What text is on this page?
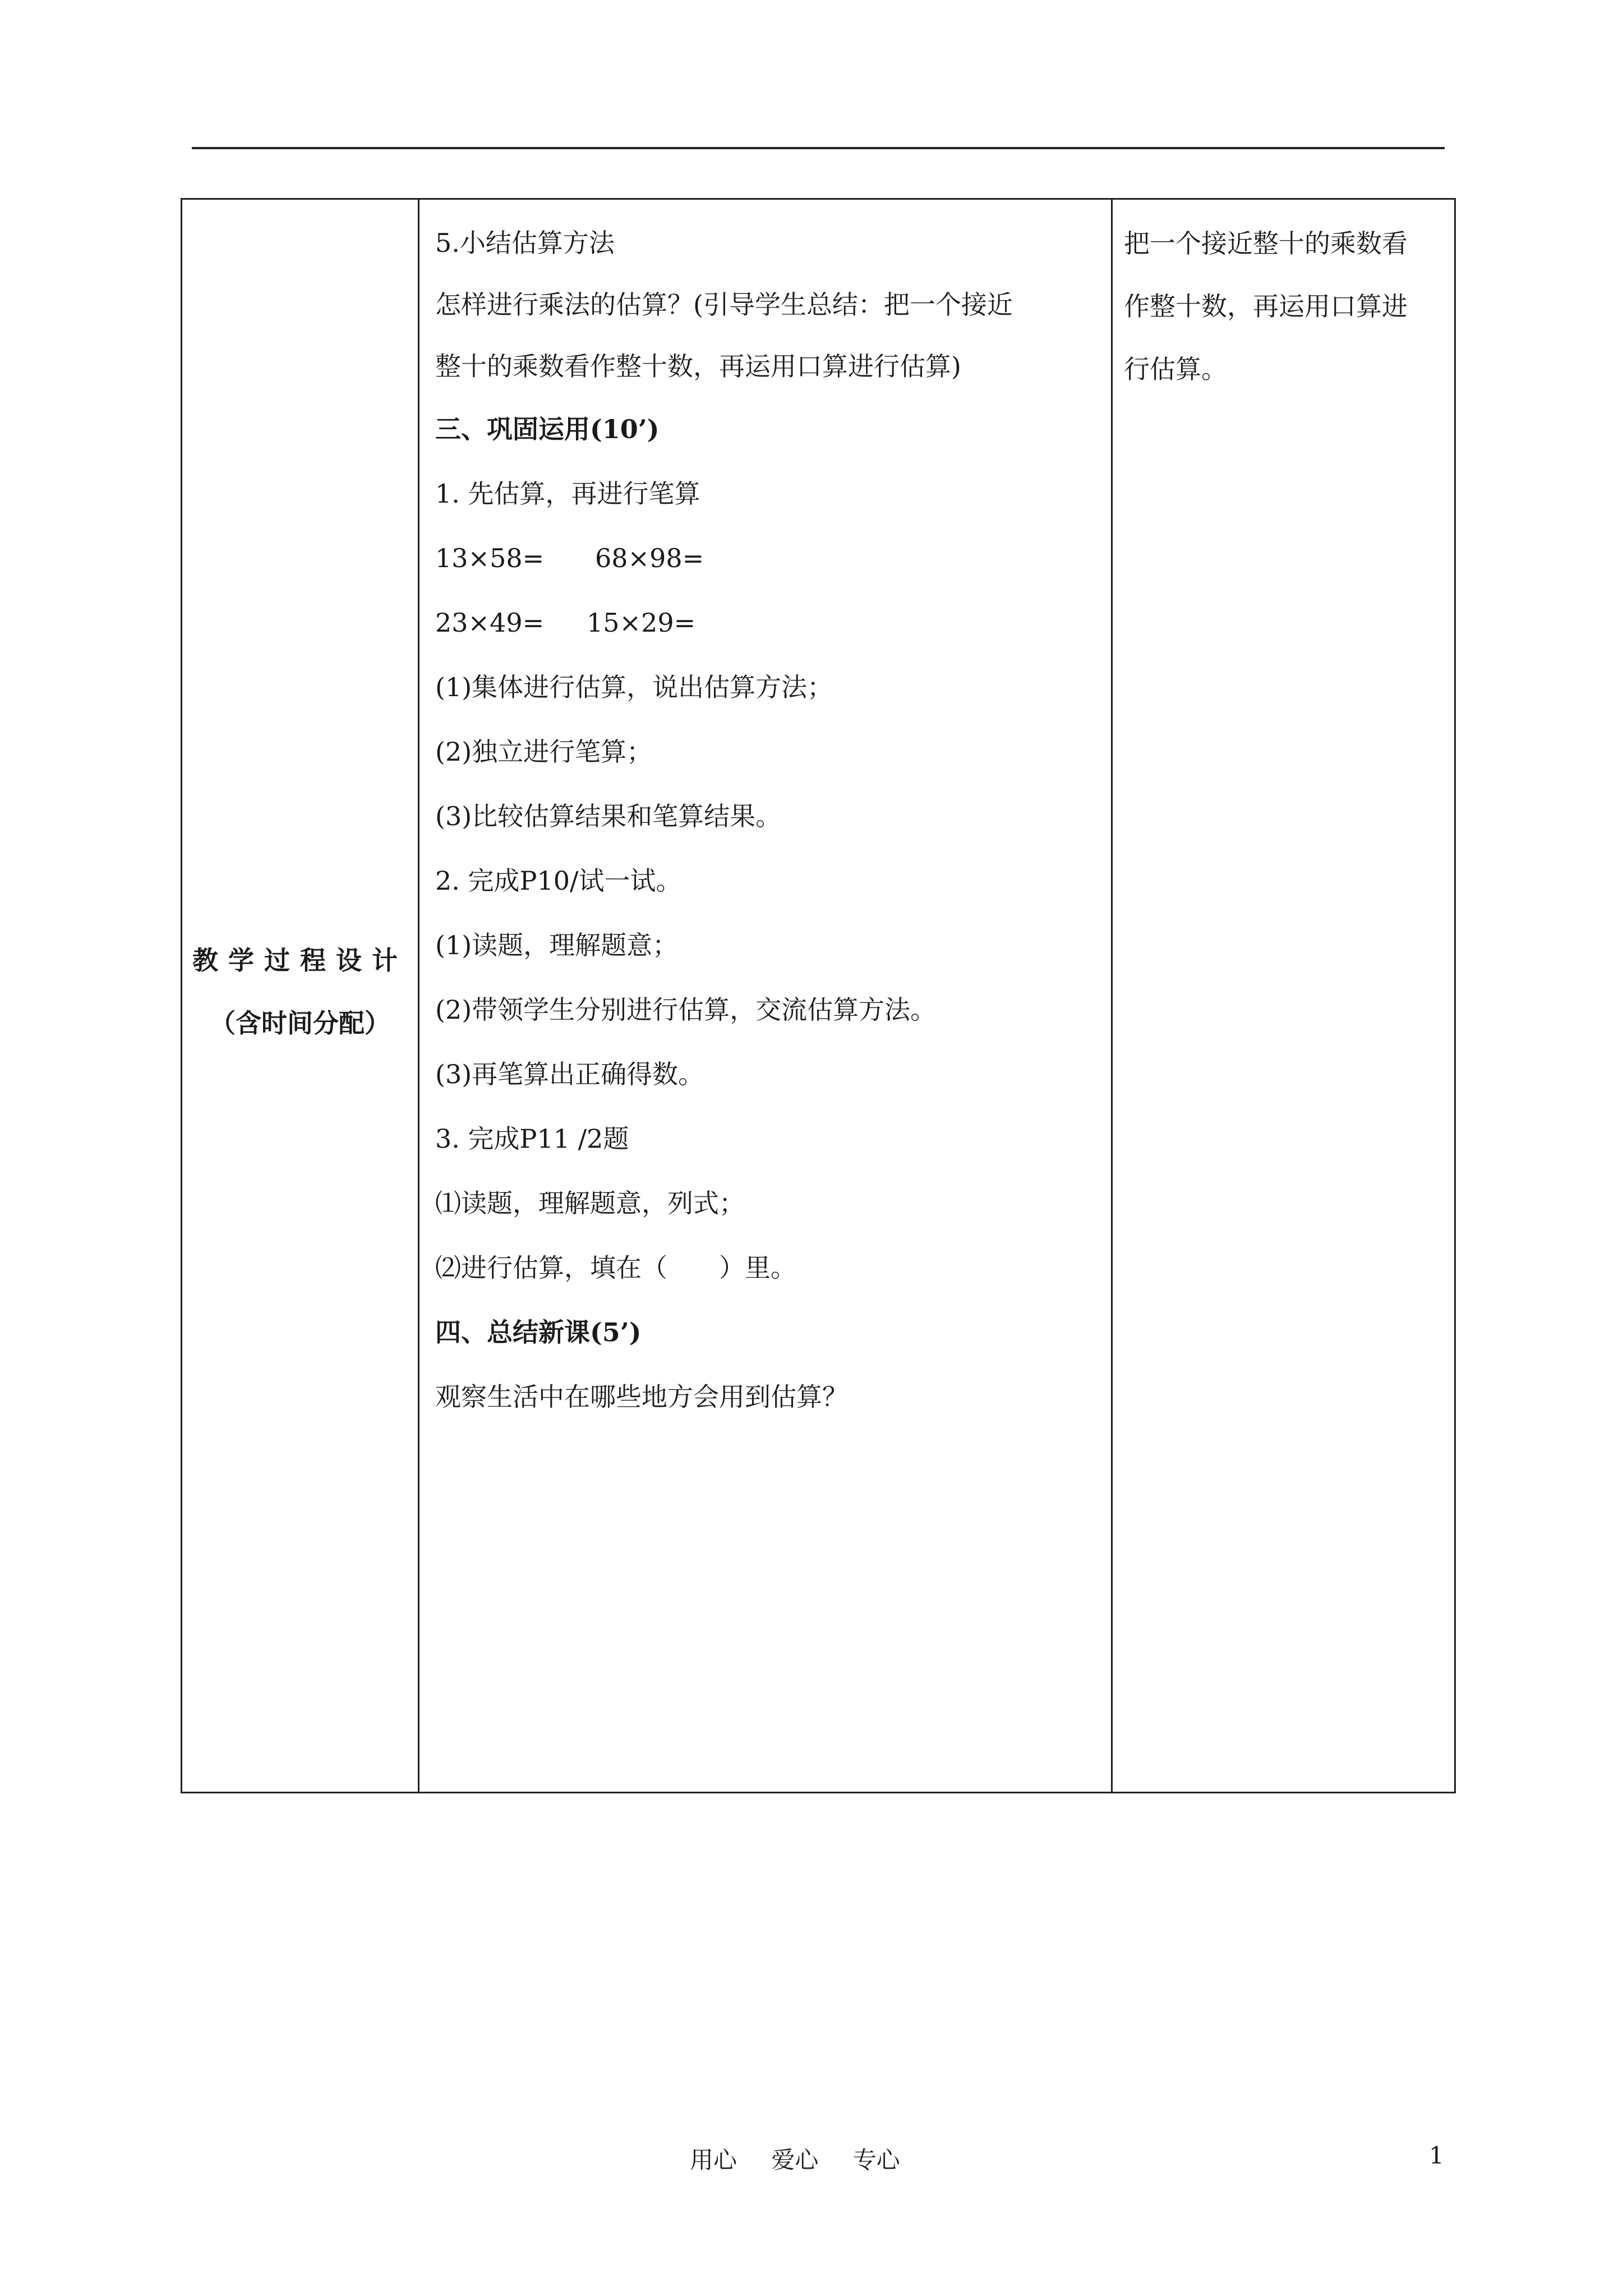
教学过程设计
（含时间分配）
5.小结估算方法
怎样进行乘法的估算？(引导学生总结：把一个接近
整十的乘数看作整十数，再运用口算进行估算)
三、巩固运用(10’)
1. 先估算，再进行笔算
13×58=	68×98=
23×49=	15×29=
(1)集体进行估算，说出估算方法；
(2)独立进行笔算；
(3)比较估算结果和笔算结果。
2. 完成P10/试一试。
(1)读题，理解题意；
(2)带领学生分别进行估算，交流估算方法。
(3)再笔算出正确得数。
3. 完成P11 /2题
⑴读题，理解题意，列式；
⑵进行估算，填在（　　）里。
四、总结新课(5’)
观察生活中在哪些地方会用到估算？
把一个接近整十的乘数看
作整十数，再运用口算进
行估算。
用心 爱心 专心	1
